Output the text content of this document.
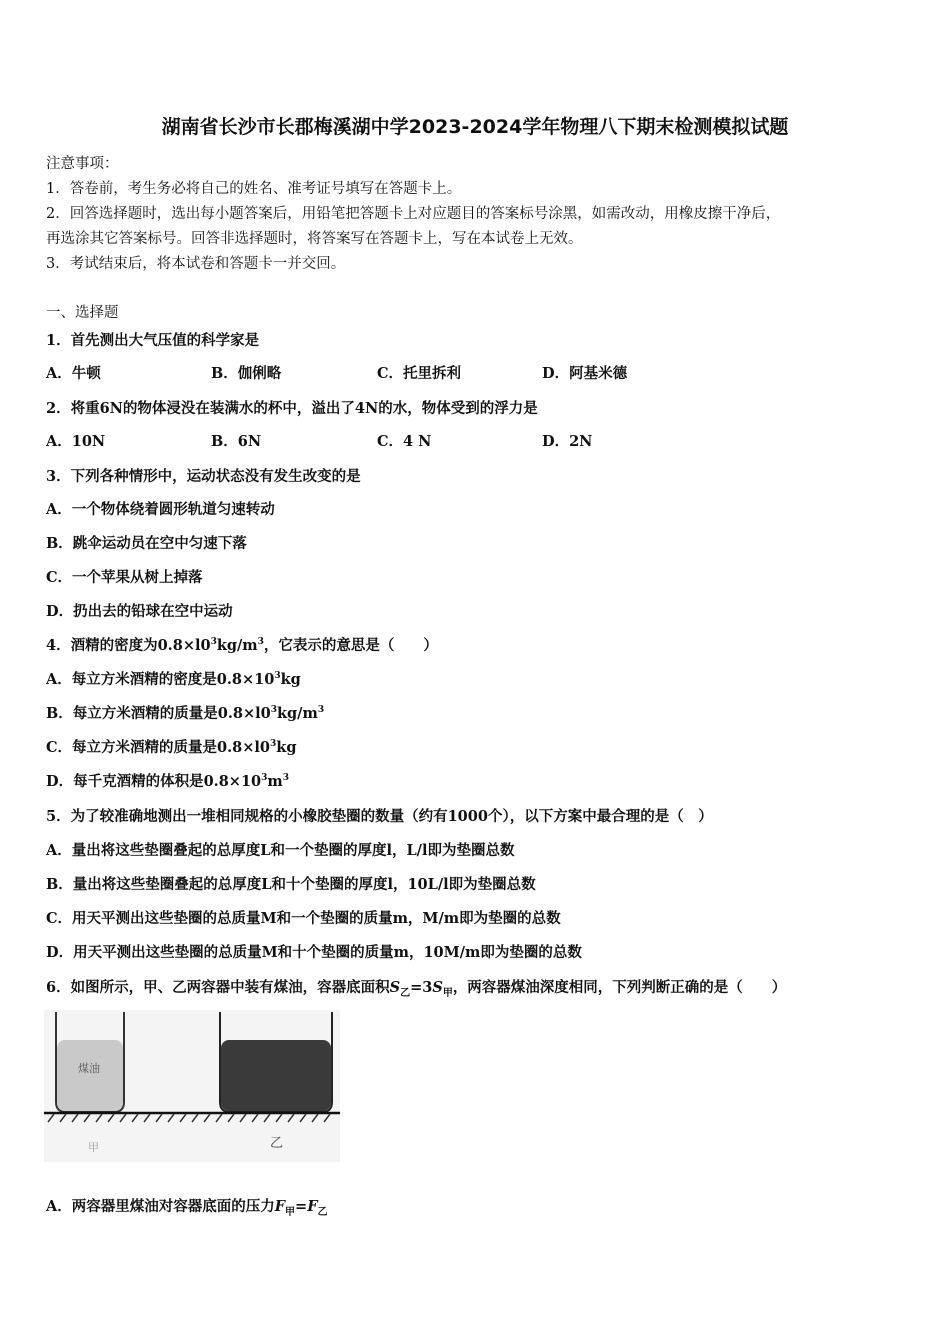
湖南省长沙市长郡梅溪湖中学2023-2024学年物理八下期末检测模拟试题
注意事项：
1．答卷前，考生务必将自己的姓名、准考证号填写在答题卡上。
2．回答选择题时，选出每小题答案后，用铅笔把答题卡上对应题目的答案标号涂黑，如需改动，用橡皮擦干净后，
再选涂其它答案标号。回答非选择题时，将答案写在答题卡上，写在本试卷上无效。
3．考试结束后，将本试卷和答题卡一并交回。
一、选择题
1．首先测出大气压值的科学家是
A．牛顿	B．伽俐略	C．托里拆利	D．阿基米德
2．将重6N的物体浸没在装满水的杯中，溢出了4N的水，物体受到的浮力是
A．10N	B．6N	C．4 N	D．2N
3．下列各种情形中，运动状态没有发生改变的是
A．一个物体绕着圆形轨道匀速转动
B．跳伞运动员在空中匀速下落
C．一个苹果从树上掉落
D．扔出去的铅球在空中运动
4．酒精的密度为$0.8\times l0^3kg/m^3$，它表示的意思是（　　）
A．每立方米酒精的密度是$0.8\times 10^3kg$
B．每立方米酒精的质量是$0.8\times l0^3kg/m^3$
C．每立方米酒精的质量是$0.8\times l0^3kg$
D．每千克酒精的体积是$0.8\times 10^3m^3$
5．为了较准确地测出一堆相同规格的小橡胶垫圈的数量（约有1000个），以下方案中最合理的是（　）
A．量出将这些垫圈叠起的总厚度L和一个垫圈的厚度l，L/l即为垫圈总数
B．量出将这些垫圈叠起的总厚度L和十个垫圈的厚度l，10L/l即为垫圈总数
C．用天平测出这些垫圈的总质量M和一个垫圈的质量m，M/m即为垫圈的总数
D．用天平测出这些垫圈的总质量M和十个垫圈的质量m，10M/m即为垫圈的总数
6．如图所示，甲、乙两容器中装有煤油，容器底面积$S_乙=3S_甲$，两容器煤油深度相同，下列判断正确的是（　　）
煤油
甲	乙
A．两容器里煤油对容器底面的压力$F_甲=F_乙$
